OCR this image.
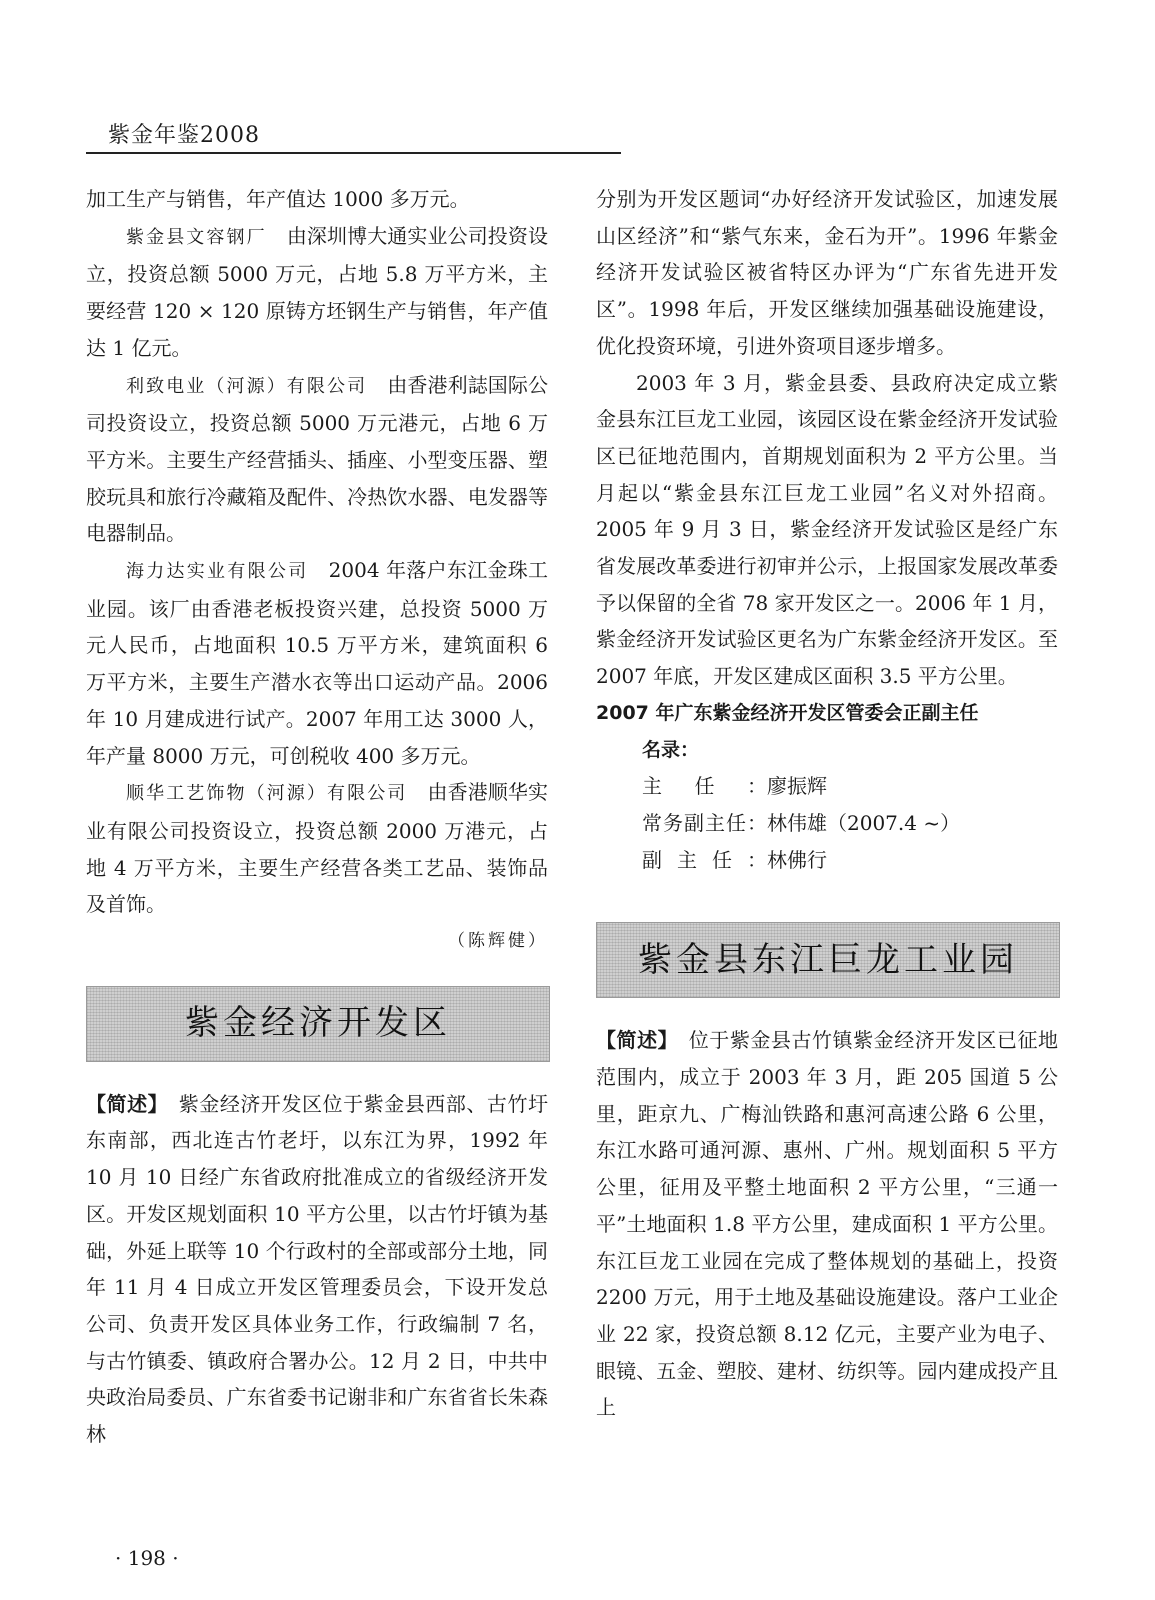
紫金年鉴2008

加工生产与销售，年产值达 1000 多万元。

紫金县文容钢厂　 由深圳博大通实业公司投资设立，投资总额 5000 万元，占地 5.8 万平方米，主要经营 120 × 120 原铸方坯钢生产与销售，年产值达 1 亿元。

利致电业（河源）有限公司　 由香港利誌国际公司投资设立，投资总额 5000 万元港元，占地 6 万平方米。主要生产经营插头、插座、小型变压器、塑胶玩具和旅行冷藏箱及配件、冷热饮水器、电发器等电器制品。

海力达实业有限公司　 2004 年落户东江金珠工业园。该厂由香港老板投资兴建，总投资 5000 万元人民币，占地面积 10.5 万平方米，建筑面积 6 万平方米，主要生产潜水衣等出口运动产品。2006 年 10 月建成进行试产。2007 年用工达 3000 人，年产量 8000 万元，可创税收 400 多万元。

顺华工艺饰物（河源）有限公司　 由香港顺华实业有限公司投资设立，投资总额 2000 万港元，占地 4 万平方米，主要生产经营各类工艺品、装饰品及首饰。

（陈辉健）

紫金经济开发区

【简述】　 紫金经济开发区位于紫金县西部、古竹圩东南部，西北连古竹老圩，以东江为界，1992 年 10 月 10 日经广东省政府批准成立的省级经济开发区。开发区规划面积 10 平方公里，以古竹圩镇为基础，外延上联等 10 个行政村的全部或部分土地，同年 11 月 4 日成立开发区管理委员会，下设开发总公司、负责开发区具体业务工作，行政编制 7 名，与古竹镇委、镇政府合署办公。12 月 2 日，中共中央政治局委员、广东省委书记谢非和广东省省长朱森林

分别为开发区题词“办好经济开发试验区，加速发展山区经济”和“紫气东来，金石为开”。1996 年紫金经济开发试验区被省特区办评为“广东省先进开发区”。1998 年后，开发区继续加强基础设施建设，优化投资环境，引进外资项目逐步增多。

2003 年 3 月，紫金县委、县政府决定成立紫金县东江巨龙工业园，该园区设在紫金经济开发试验区已征地范围内，首期规划面积为 2 平方公里。当月起以“紫金县东江巨龙工业园”名义对外招商。2005 年 9 月 3 日，紫金经济开发试验区是经广东省发展改革委进行初审并公示，上报国家发展改革委予以保留的全省 78 家开发区之一。2006 年 1 月，紫金经济开发试验区更名为广东紫金经济开发区。至 2007 年底，开发区建成区面积 3.5 平方公里。

2007 年广东紫金经济开发区管委会正副主任
名录：

主任：廖振辉
常务副主任：林伟雄（2007.4 ~）
副主任：林佛行
紫金县东江巨龙工业园

【简述】　 位于紫金县古竹镇紫金经济开发区已征地范围内，成立于 2003 年 3 月，距 205 国道 5 公里，距京九、广梅汕铁路和惠河高速公路 6 公里，东江水路可通河源、惠州、广州。规划面积 5 平方公里，征用及平整土地面积 2 平方公里，“三通一平”土地面积 1.8 平方公里，建成面积 1 平方公里。东江巨龙工业园在完成了整体规划的基础上，投资 2200 万元，用于土地及基础设施建设。落户工业企业 22 家，投资总额 8.12 亿元，主要产业为电子、眼镜、五金、塑胶、建材、纺织等。园内建成投产且上

· 198 ·
